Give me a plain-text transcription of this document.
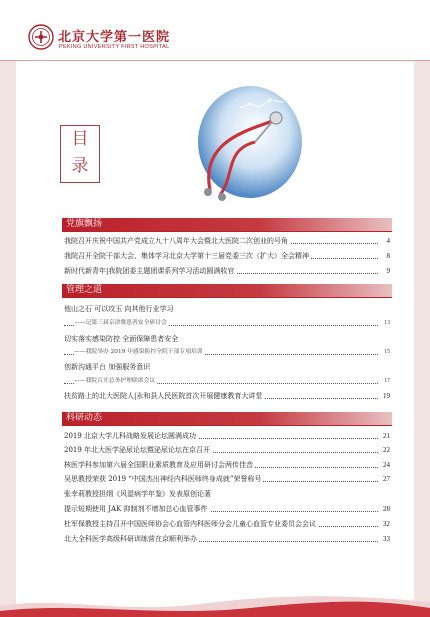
北京大学第一医院
PEKING UNIVERSITY FIRST HOSPITAL
目
录
党旗飘扬
我院召开庆祝中国共产党成立九十八周年大会暨北大医院二次创业的号角	4
我院召开全院干部大会、集体学习北京大学第十三届党委三次（扩大）全会精神	8
新时代新青年|我院团委主题团课系列学习活动圆满收官	9
管理之道
他山之石 可以攻玉 向其他行业学习
——记第三届京津冀患者安全研讨会	13
切实落实感染防控 全面保障患者安全
——我院举办 2019 年感染防控全院干部专项培训	15
创新沟通平台 加强服务意识
——我院召开总务护理联席会议	17
扶贫路上的北大医院人|永和县人民医院首次开展健康教育大讲堂	19
科研动态
2019 北京大学儿科战略发展论坛圆满成功	21
2019 年北大医学泌尿论坛暨泌尿论坛在京召开	22
核医学科参加第六届全国职业素质教育及应用研讨会两传佳音	24
吴思教授荣获 2019 “中国杰出神经内科医师终身成就”荣誉称号	27
张幸莉教授担纲《风湿病学年鉴》发表原创论著
提示短期使用 JAK 抑制剂不增加总心血管事件	28
杜军保教授主持召开中国医师协会心血管内科医师分会儿童心血管专业委员会会议	32
北大全科医学高级科研训练营在京顺利举办	33
